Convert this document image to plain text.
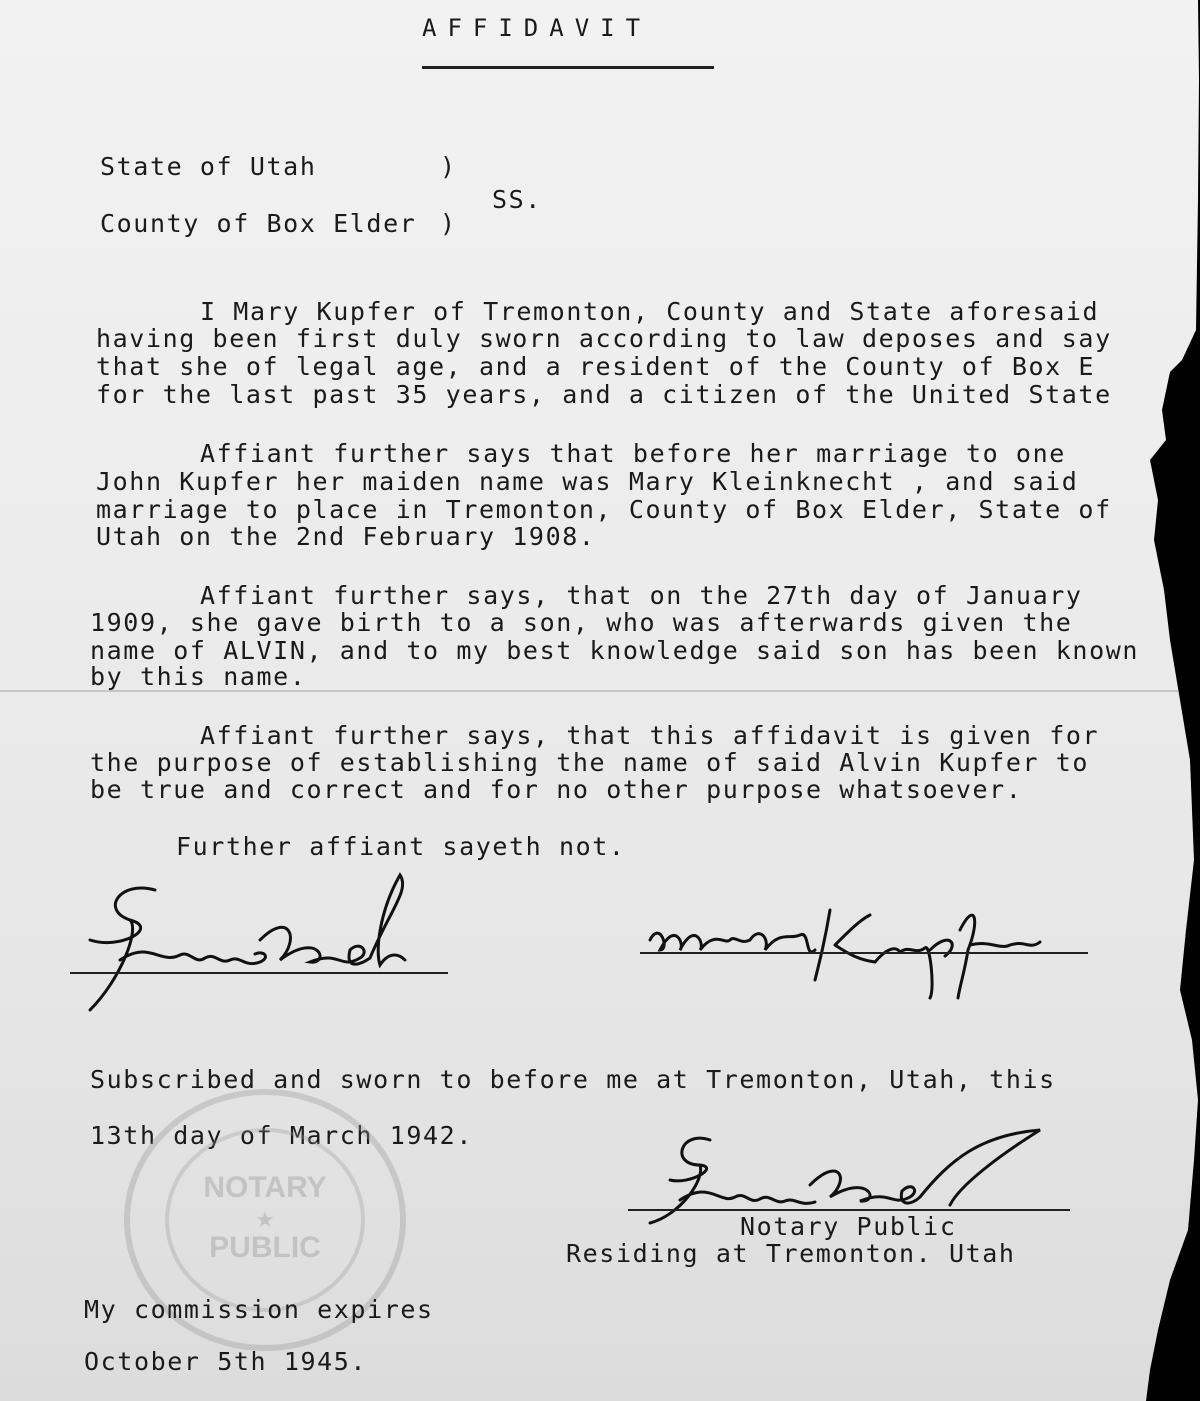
AFFIDAVIT
State of Utah	)
SS.
County of Box Elder )
I Mary Kupfer of Tremonton, County and State aforesaid
having been first duly sworn according to law deposes and say
that she of legal age, and a resident of the County of Box E
for the last past 35 years, and a citizen of the United State
Affiant further says that before her marriage to one
John Kupfer her maiden name was Mary Kleinknecht , and said
marriage to place in Tremonton, County of Box Elder, State of
Utah on the 2nd February 1908.
Affiant further says, that on the 27th day of January
1909, she gave birth to a son, who was afterwards given the
name of ALVIN, and to my best knowledge said son has been known
by this name.
Affiant further says, that this affidavit is given for
the purpose of establishing the name of said Alvin Kupfer to
be true and correct and for no other purpose whatsoever.
Further affiant sayeth not.
Subscribed and sworn to before me at Tremonton, Utah, this
13th day of March 1942.
NOTARY
PUBLIC
★	Notary Public
Residing at Tremonton. Utah
My commission expires
October 5th 1945.
